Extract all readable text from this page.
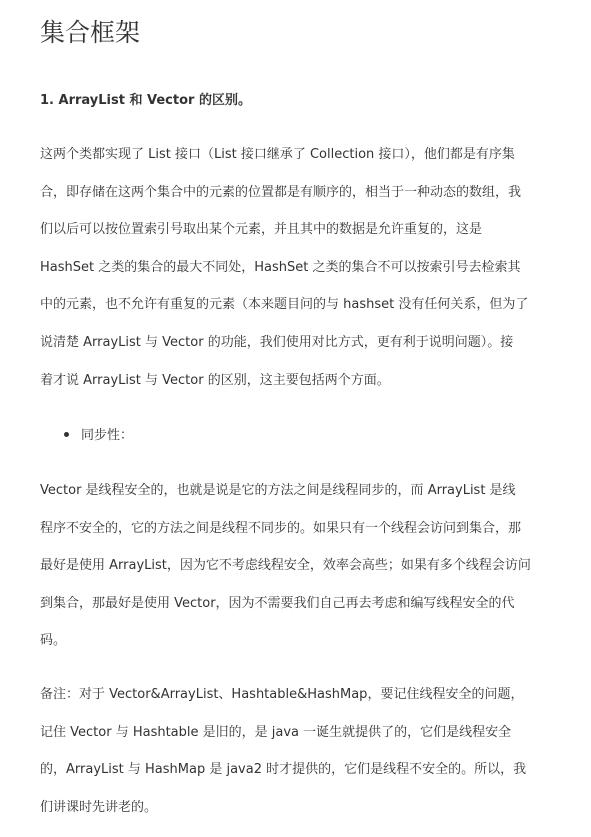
集合框架
1. ArrayList 和 Vector 的区别。

这两个类都实现了 List 接口（List 接口继承了 Collection 接口），他们都是有序集
合，即存储在这两个集合中的元素的位置都是有顺序的，相当于一种动态的数组，我
们以后可以按位置索引号取出某个元素，并且其中的数据是允许重复的，这是
HashSet 之类的集合的最大不同处，HashSet 之类的集合不可以按索引号去检索其
中的元素，也不允许有重复的元素（本来题目问的与 hashset 没有任何关系，但为了
说清楚 ArrayList 与 Vector 的功能，我们使用对比方式，更有利于说明问题）。接
着才说 ArrayList 与 Vector 的区别，这主要包括两个方面。

同步性：

Vector 是线程安全的，也就是说是它的方法之间是线程同步的，而 ArrayList 是线
程序不安全的，它的方法之间是线程不同步的。如果只有一个线程会访问到集合，那
最好是使用 ArrayList，因为它不考虑线程安全，效率会高些；如果有多个线程会访问
到集合，那最好是使用 Vector，因为不需要我们自己再去考虑和编写线程安全的代
码。

备注：对于 Vector&ArrayList、Hashtable&HashMap，要记住线程安全的问题，
记住 Vector 与 Hashtable 是旧的，是 java 一诞生就提供了的，它们是线程安全
的，ArrayList 与 HashMap 是 java2 时才提供的，它们是线程不安全的。所以，我
们讲课时先讲老的。
